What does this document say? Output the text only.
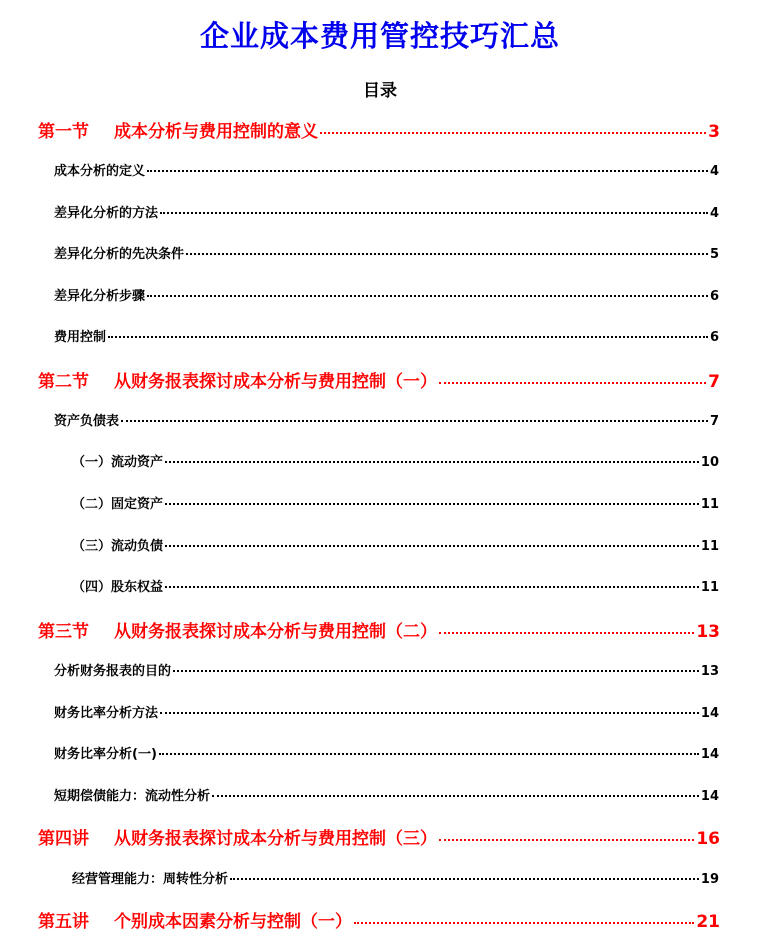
企业成本费用管控技巧汇总
目录
第一节 成本分析与费用控制的意义	3
成本分析的定义	4
差异化分析的方法	4
差异化分析的先决条件	5
差异化分析步骤	6
费用控制	6
第二节 从财务报表探讨成本分析与费用控制（一）	7
资产负债表	7
（一）流动资产	10
（二）固定资产	11
（三）流动负债	11
（四）股东权益	11
第三节 从财务报表探讨成本分析与费用控制（二）	13
分析财务报表的目的	13
财务比率分析方法	14
财务比率分析(一)	14
短期偿债能力：流动性分析	14
第四讲 从财务报表探讨成本分析与费用控制（三）	16
经营管理能力：周转性分析	19
第五讲 个别成本因素分析与控制（一）	21
